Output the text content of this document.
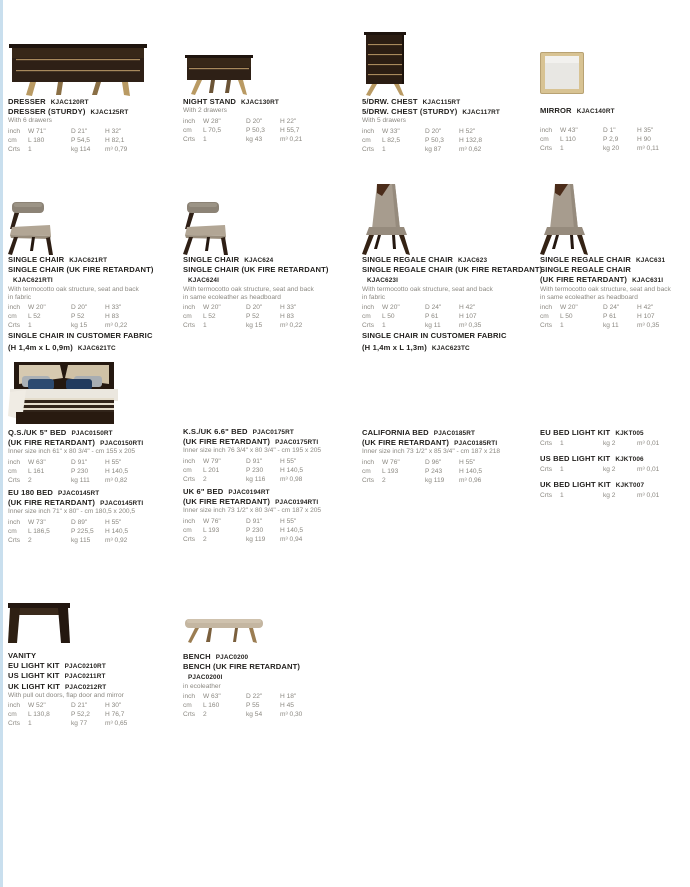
DRESSER KJAC120RT
DRESSER (STURDY) KJAC125RT
With 6 drawers
inch	W 71"	D 21"	H 32"
cm	L 180	P 54,5	H 82,1
Crts	1	kg 114	m³ 0,79
NIGHT STAND KJAC130RT
With 2 drawers
inch	W 28"	D 20"	H 22"
cm	L 70,5	P 50,3	H 55,7
Crts	1	kg 43	m³ 0,21
5/DRW. CHEST KJAC115RT
5/DRW. CHEST (STURDY) KJAC117RT
With 5 drawers
inch	W 33"	D 20"	H 52"
cm	L 82,5	P 50,3	H 132,8
Crts	1	kg 87	m³ 0,62
MIRROR KJAC140RT
inch	W 43"	D 1"	H 35"
cm	L 110	P 2,9	H 90
Crts	1	kg 20	m³ 0,11
SINGLE CHAIR KJAC621RT
SINGLE CHAIR (UK FIRE RETARDANT)
KJAC621RTI
With termocotto oak structure, seat and back
in fabric
inch	W 20"	D 20"	H 33"
cm	L 52	P 52	H 83
Crts	1	kg 15	m³ 0,22
SINGLE CHAIR IN CUSTOMER FABRIC
(H 1,4m x L 0,9m) KJAC621TC
SINGLE CHAIR KJAC624
SINGLE CHAIR (UK FIRE RETARDANT)
KJAC624I
With termocotto oak structure, seat and back
in same ecoleather as headboard
inch	W 20"	D 20"	H 33"
cm	L 52	P 52	H 83
Crts	1	kg 15	m³ 0,22
SINGLE REGALE CHAIR KJAC623
SINGLE REGALE CHAIR (UK FIRE RETARDANT)
KJAC623I
With termocotto oak structure, seat and back
in fabric
inch	W 20"	D 24"	H 42"
cm	L 50	P 61	H 107
Crts	1	kg 11	m³ 0,35
SINGLE CHAIR IN CUSTOMER FABRIC
(H 1,4m x L 1,3m) KJAC623TC
SINGLE REGALE CHAIR KJAC631
SINGLE REGALE CHAIR
(UK FIRE RETARDANT) KJAC631I
With termocotto oak structure, seat and back
in same ecoleather as headboard
inch	W 20"	D 24"	H 42"
cm	L 50	P 61	H 107
Crts	1	kg 11	m³ 0,35
Q.S./UK 5" BED PJAC0150RT
(UK FIRE RETARDANT) PJAC0150RTI
Inner size inch 61" x 80 3/4" - cm 155 x 205
inch	W 63"	D 91"	H 55"
cm	L 161	P 230	H 140,5
Crts	2	kg 111	m³ 0,82
EU 180 BED PJAC0145RT
(UK FIRE RETARDANT) PJAC0145RTI
Inner size inch 71" x 80" - cm 180,5 x 200,5
inch	W 73"	D 89"	H 55"
cm	L 186,5	P 225,5	H 140,5
Crts	2	kg 115	m³ 0,92
K.S./UK 6.6" BED PJAC0175RT
(UK FIRE RETARDANT) PJAC0175RTI
Inner size inch 76 3/4" x 80 3/4" - cm 195 x 205
inch	W 79"	D 91"	H 55"
cm	L 201	P 230	H 140,5
Crts	2	kg 116	m³ 0,98
UK 6" BED PJAC0194RT
(UK FIRE RETARDANT) PJAC0194RTI
Inner size inch 73 1/2" x 80 3/4" - cm 187 x 205
inch	W 76"	D 91"	H 55"
cm	L 193	P 230	H 140,5
Crts	2	kg 119	m³ 0,94
CALIFORNIA BED PJAC0185RT
(UK FIRE RETARDANT) PJAC0185RTI
Inner size inch 73 1/2" x 85 3/4" - cm 187 x 218
inch	W 76"	D 96"	H 55"
cm	L 193	P 243	H 140,5
Crts	2	kg 119	m³ 0,96
EU BED LIGHT KIT KJKT005
Crts	1	kg 2	m³ 0,01
US BED LIGHT KIT KJKT006
Crts	1	kg 2	m³ 0,01
UK BED LIGHT KIT KJKT007
Crts	1	kg 2	m³ 0,01
VANITY
EU LIGHT KIT PJAC0210RT
US LIGHT KIT PJAC0211RT
UK LIGHT KIT PJAC0212RT
With pull out doors, flap door and mirror
inch	W 52"	D 21"	H 30"
cm	L 130,8	P 52,2	H 76,7
Crts	1	kg 77	m³ 0,65
BENCH PJAC0200
BENCH (UK FIRE RETARDANT)
PJAC0200I
in ecoleather
inch	W 63"	D 22"	H 18"
cm	L 160	P 55	H 45
Crts	2	kg 54	m³ 0,30
